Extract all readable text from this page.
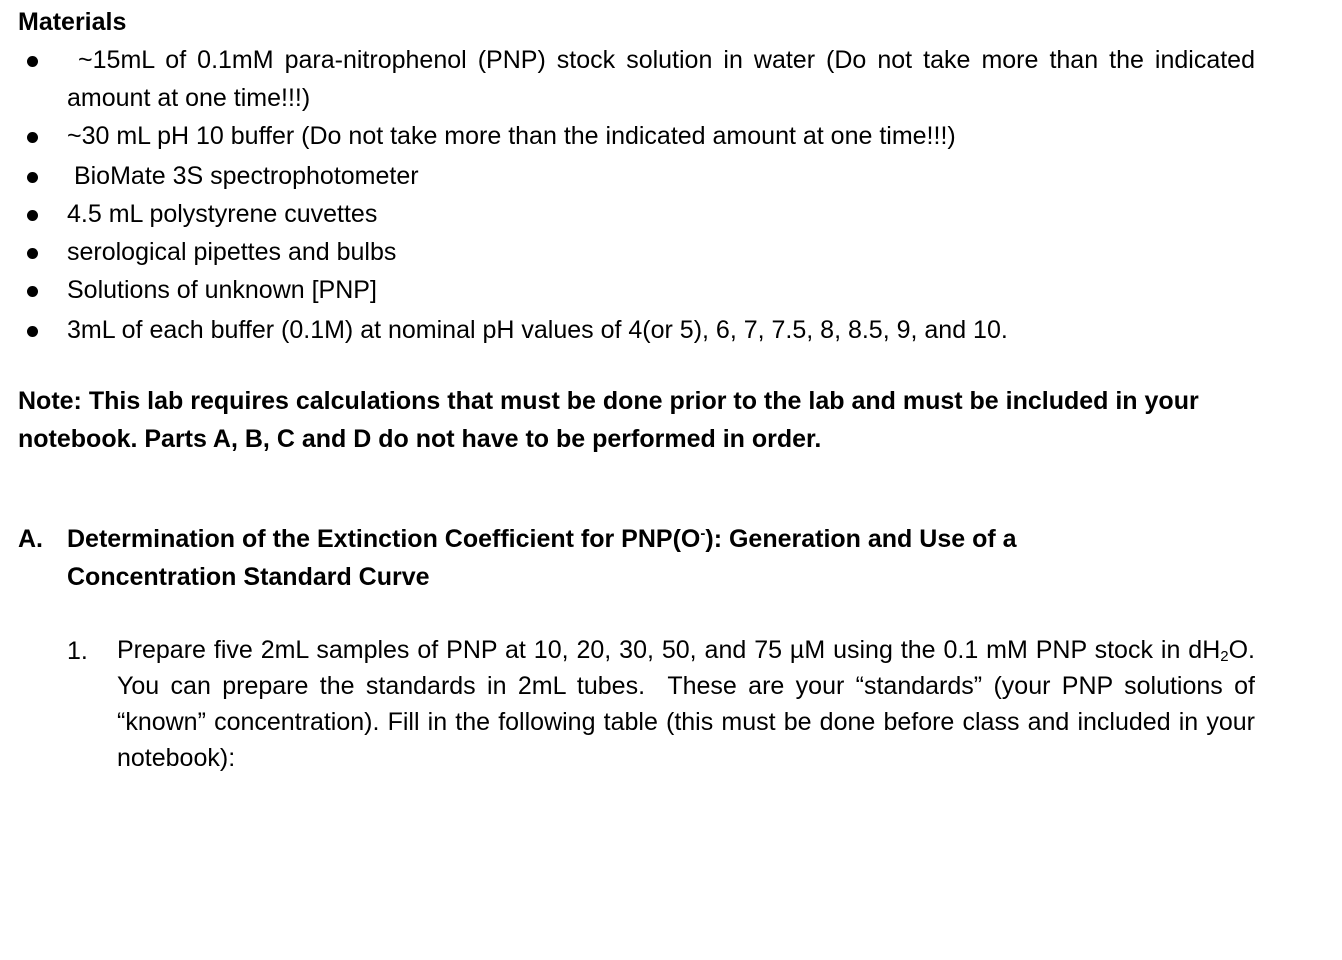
Materials
~15mL of 0.1mM para-nitrophenol (PNP) stock solution in water (Do not take more than the indicated amount at one time!!!)
~30 mL pH 10 buffer (Do not take more than the indicated amount at one time!!!)
BioMate 3S spectrophotometer
4.5 mL polystyrene cuvettes
serological pipettes and bulbs
Solutions of unknown [PNP]
3mL of each buffer (0.1M) at nominal pH values of 4(or 5), 6, 7, 7.5, 8, 8.5, 9, and 10.
Note: This lab requires calculations that must be done prior to the lab and must be included in your notebook. Parts A, B, C and D do not have to be performed in order.
A. Determination of the Extinction Coefficient for PNP(O-): Generation and Use of a Concentration Standard Curve
1. Prepare five 2mL samples of PNP at 10, 20, 30, 50, and 75 µM using the 0.1 mM PNP stock in $dH_2O$. You can prepare the standards in 2mL tubes.  These are your “standards” (your PNP solutions of “known” concentration). Fill in the following table (this must be done before class and included in your notebook):
